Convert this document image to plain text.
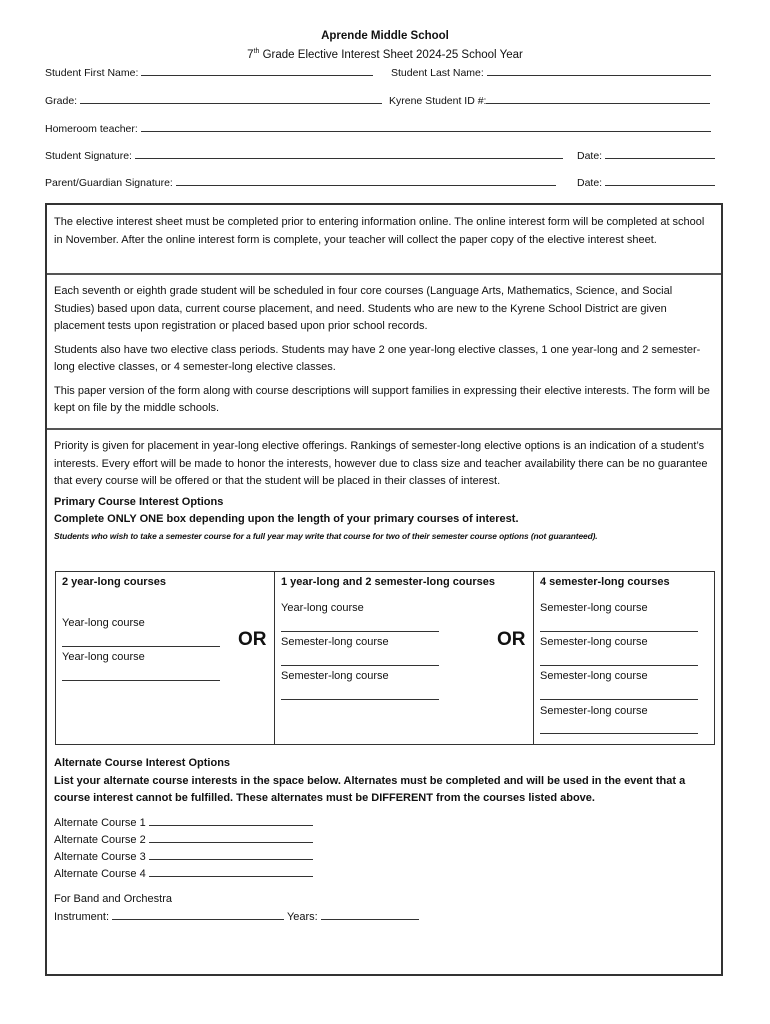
Aprende Middle School
7th Grade Elective Interest Sheet 2024-25 School Year
Student First Name:	Student Last Name:
Grade:	Kyrene Student ID #:
Homeroom teacher:
Student Signature:	Date:
Parent/Guardian Signature:	Date:

The elective interest sheet must be completed prior to entering information online. The online interest form will be completed at school in November. After the online interest form is complete, your teacher will collect the paper copy of the elective interest sheet.

Each seventh or eighth grade student will be scheduled in four core courses (Language Arts, Mathematics, Science, and Social Studies) based upon data, current course placement, and need. Students who are new to the Kyrene School District are given placement tests upon registration or placed based upon prior school records.

Students also have two elective class periods. Students may have 2 one year-long elective classes, 1 one year-long and 2 semester-long elective classes, or 4 semester-long elective classes.

This paper version of the form along with course descriptions will support families in expressing their elective interests. The form will be kept on file by the middle schools.

Priority is given for placement in year-long elective offerings. Rankings of semester-long elective options is an indication of a student’s interests. Every effort will be made to honor the interests, however due to class size and teacher availability there can be no guarantee that every course will be offered or that the student will be placed in their classes of interest.

Primary Course Interest Options

Complete ONLY ONE box depending upon the length of your primary courses of interest.

Students who wish to take a semester course for a full year may write that course for two of their semester course options (not guaranteed).

2 year-long courses
Year-long course
Year-long course
OR
1 year-long and 2 semester-long courses
Year-long course
Semester-long course
Semester-long course
OR
4 semester-long courses
Semester-long course
Semester-long course
Semester-long course
Semester-long course

Alternate Course Interest Options

List your alternate course interests in the space below. Alternates must be completed and will be used in the event that a course interest cannot be fulfilled. These alternates must be DIFFERENT from the courses listed above.

Alternate Course 1
Alternate Course 2
Alternate Course 3
Alternate Course 4
For Band and Orchestra
Instrument:	Years:
